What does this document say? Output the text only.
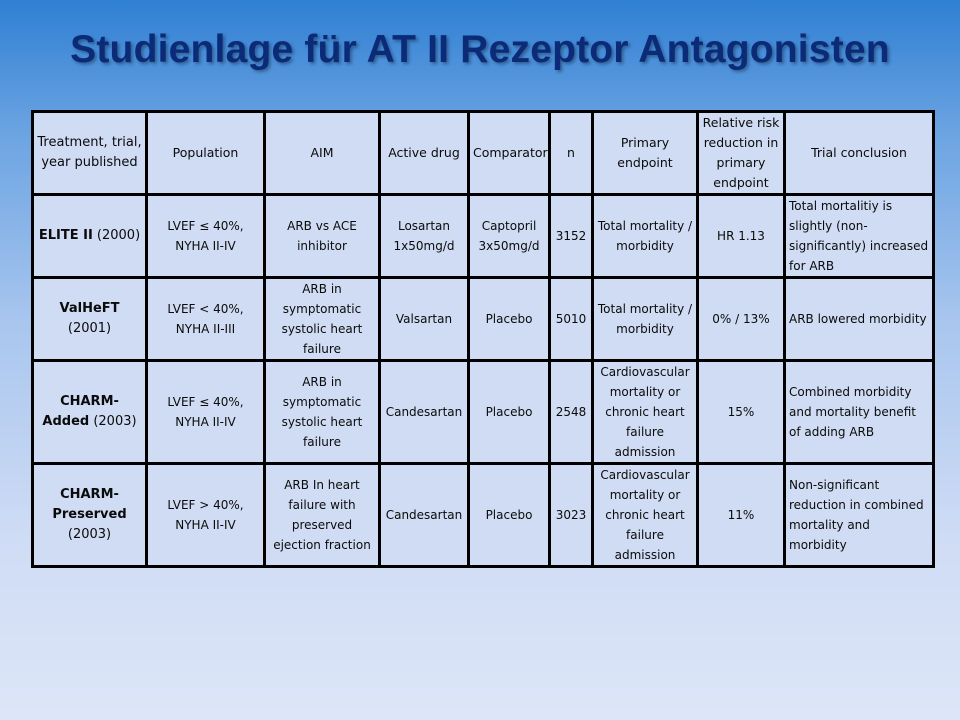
Studienlage für AT II Rezeptor Antagonisten
Treatment, trial, year published	Population	AIM	Active drug	Comparator	n	Primary endpoint	Relative risk reduction in primary endpoint	Trial conclusion
ELITE II (2000)	LVEF ≤ 40%, NYHA II-IV	ARB vs ACE inhibitor	Losartan 1x50mg/d	Captopril 3x50mg/d	3152	Total mortality / morbidity	HR 1.13	Total mortalitiy is slightly (non-significantly) increased for ARB
ValHeFT (2001)	LVEF < 40%, NYHA II-III	ARB in symptomatic systolic heart failure	Valsartan	Placebo	5010	Total mortality / morbidity	0% / 13%	ARB lowered morbidity
CHARM-Added (2003)	LVEF ≤ 40%, NYHA II-IV	ARB in symptomatic systolic heart failure	Candesartan	Placebo	2548	Cardiovascular mortality or chronic heart failure admission	15%	Combined morbidity and mortality benefit of adding ARB
CHARM-Preserved (2003)	LVEF > 40%, NYHA II-IV	ARB In heart failure with preserved ejection fraction	Candesartan	Placebo	3023	Cardiovascular mortality or chronic heart failure admission	11%	Non-significant reduction in combined mortality and morbidity
